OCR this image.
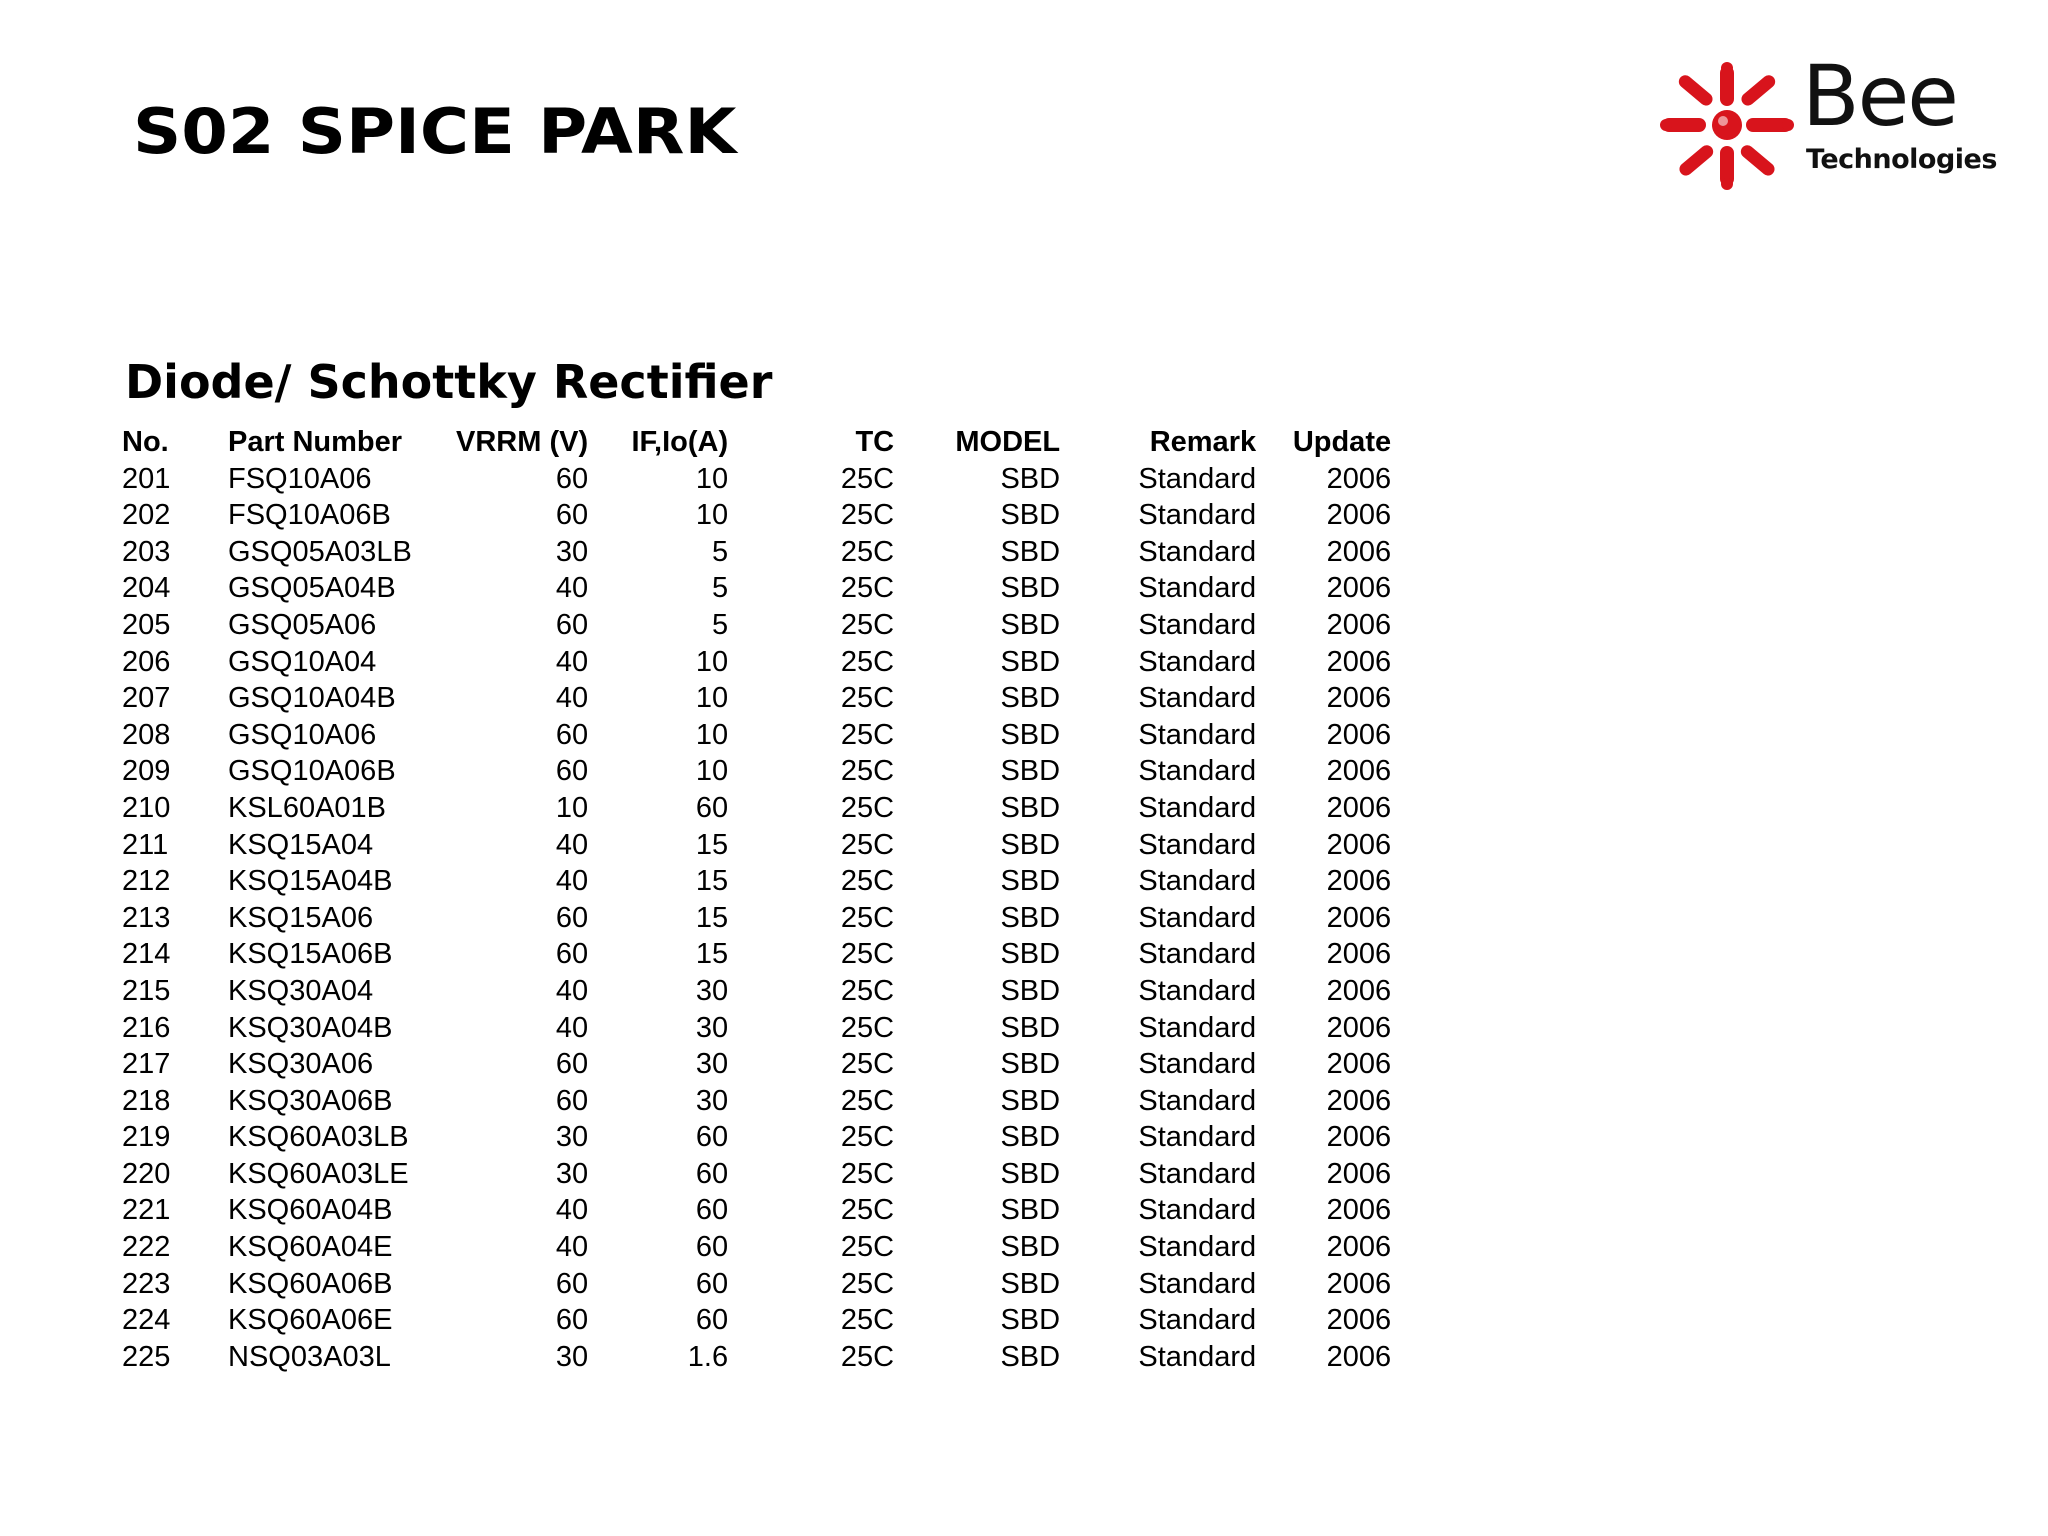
S02 SPICE PARK	Bee
Technologies
Diode/ Schottky Rectifier
No.	Part Number	VRRM (V)	IF,Io(A)	TC	MODEL	Remark	Update
201	FSQ10A06	60	10	25C	SBD	Standard	2006
202	FSQ10A06B	60	10	25C	SBD	Standard	2006
203	GSQ05A03LB	30	5	25C	SBD	Standard	2006
204	GSQ05A04B	40	5	25C	SBD	Standard	2006
205	GSQ05A06	60	5	25C	SBD	Standard	2006
206	GSQ10A04	40	10	25C	SBD	Standard	2006
207	GSQ10A04B	40	10	25C	SBD	Standard	2006
208	GSQ10A06	60	10	25C	SBD	Standard	2006
209	GSQ10A06B	60	10	25C	SBD	Standard	2006
210	KSL60A01B	10	60	25C	SBD	Standard	2006
211	KSQ15A04	40	15	25C	SBD	Standard	2006
212	KSQ15A04B	40	15	25C	SBD	Standard	2006
213	KSQ15A06	60	15	25C	SBD	Standard	2006
214	KSQ15A06B	60	15	25C	SBD	Standard	2006
215	KSQ30A04	40	30	25C	SBD	Standard	2006
216	KSQ30A04B	40	30	25C	SBD	Standard	2006
217	KSQ30A06	60	30	25C	SBD	Standard	2006
218	KSQ30A06B	60	30	25C	SBD	Standard	2006
219	KSQ60A03LB	30	60	25C	SBD	Standard	2006
220	KSQ60A03LE	30	60	25C	SBD	Standard	2006
221	KSQ60A04B	40	60	25C	SBD	Standard	2006
222	KSQ60A04E	40	60	25C	SBD	Standard	2006
223	KSQ60A06B	60	60	25C	SBD	Standard	2006
224	KSQ60A06E	60	60	25C	SBD	Standard	2006
225	NSQ03A03L	30	1.6	25C	SBD	Standard	2006
